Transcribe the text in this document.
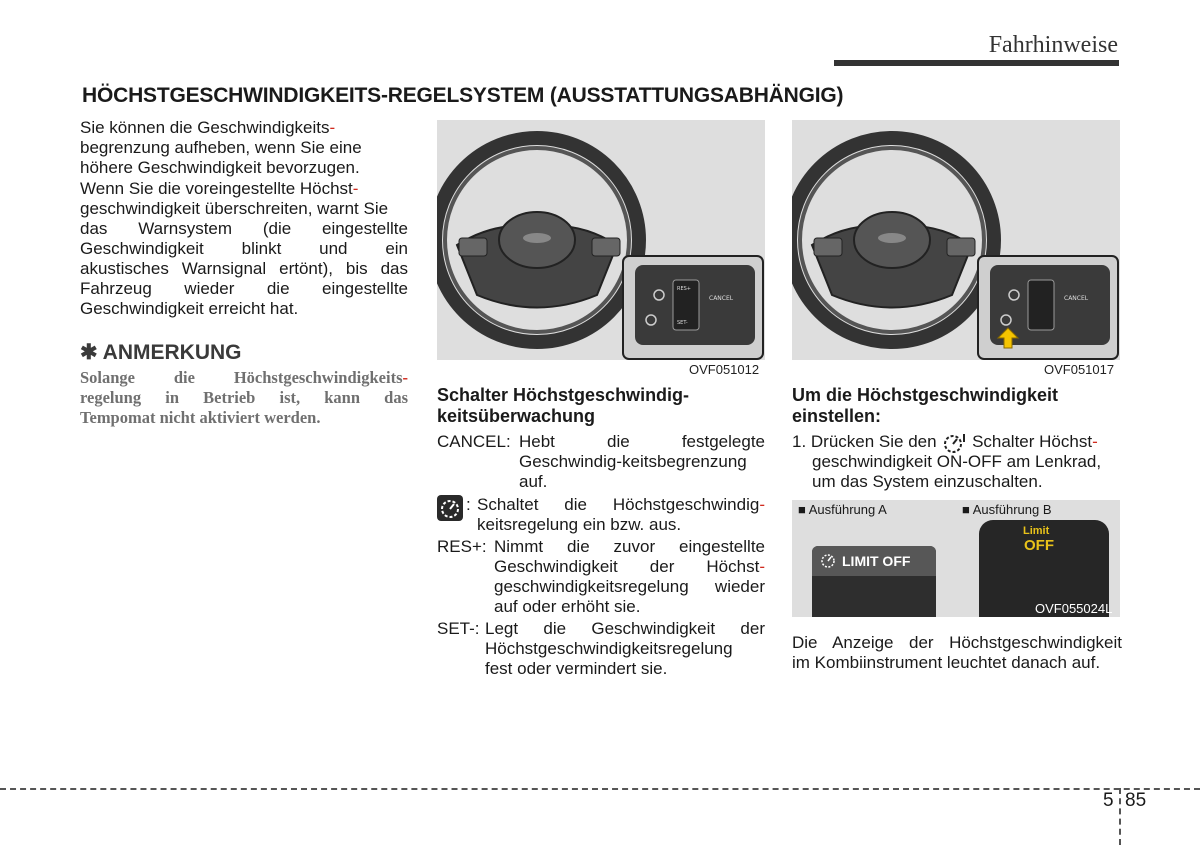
Fahrhinweise
HÖCHSTGESCHWINDIGKEITS-REGELSYSTEM (AUSSTATTUNGSABHÄNGIG)
Sie können die Geschwindigkeits-
begrenzung aufheben, wenn Sie eine
höhere Geschwindigkeit bevorzugen.
Wenn Sie die voreingestellte Höchst-
geschwindigkeit überschreiten, warnt Sie
das Warnsystem (die eingestellte
Geschwindigkeit blinkt und ein
akustisches Warnsignal ertönt), bis das
Fahrzeug wieder die eingestellte
Geschwindigkeit erreicht hat.
✱ ANMERKUNG
Solange die Höchstgeschwindigkeits-
regelung in Betrieb ist, kann das
Tempomat nicht aktiviert werden.
CANCEL
RES+
SET-
OVF051012
Schalter Höchstgeschwindig-
keitsüberwachung
CANCEL: Hebt die festgelegte
Geschwindig-keitsbegrenzung
auf.
: Schaltet die Höchstgeschwindig-
keitsregelung ein bzw. aus.
RES+: Nimmt die zuvor eingestellte
Geschwindigkeit der Höchst-
geschwindigkeitsregelung wieder
auf oder erhöht sie.
SET-: Legt die Geschwindigkeit der
Höchstgeschwindigkeitsregelung
fest oder vermindert sie.
CANCEL
OVF051017
Um die Höchstgeschwindigkeit
einstellen:
1. Drücken Sie den Schalter Höchst-
geschwindigkeit ON-OFF am Lenkrad,
um das System einzuschalten.
■ Ausführung A	■ Ausführung B
LIMIT OFF
Limit
OFF
OVF055024L
Die Anzeige der Höchstgeschwindigkeit
im Kombiinstrument leuchtet danach auf.
5 85
